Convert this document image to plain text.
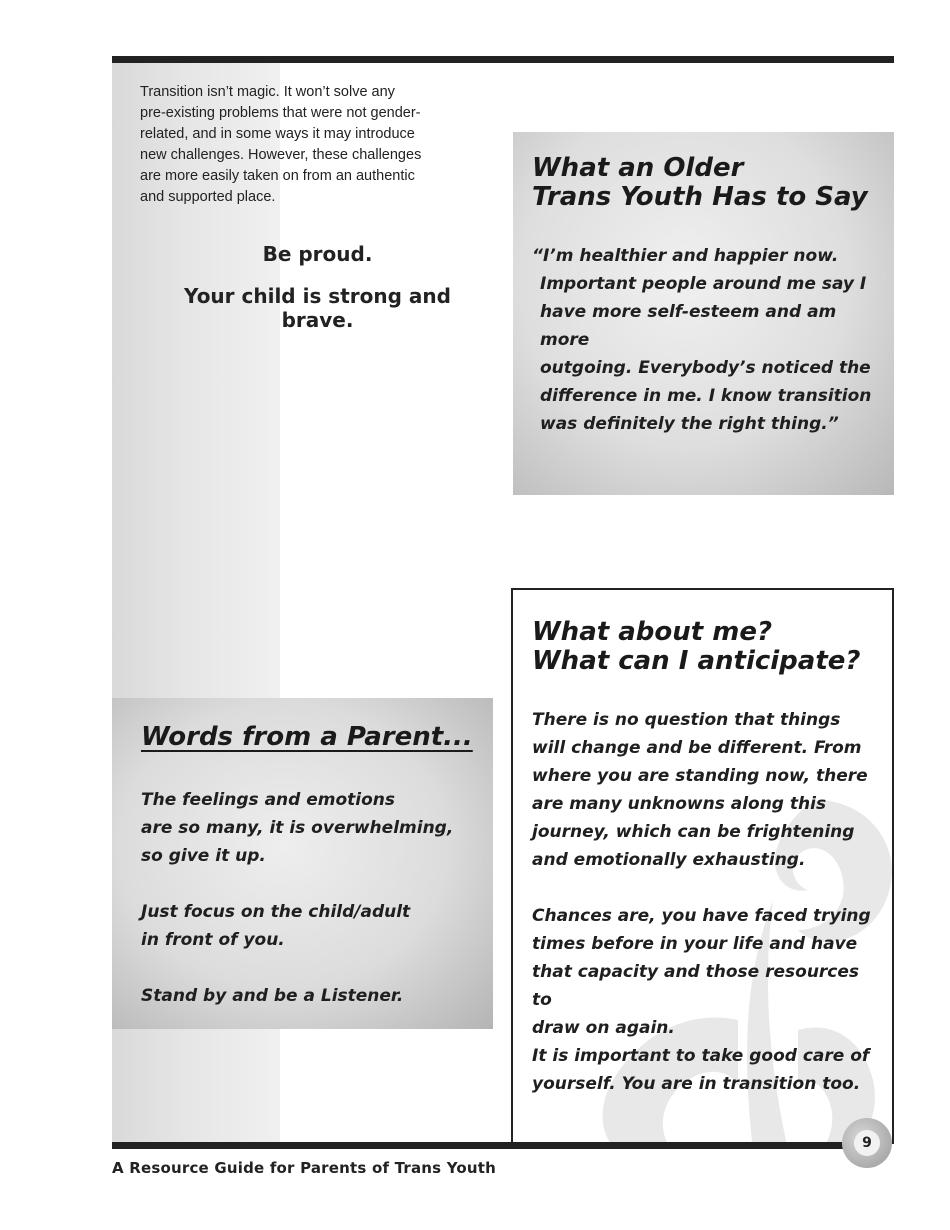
Transition isn’t magic. It won’t solve any
pre-existing problems that were not gender-
related, and in some ways it may introduce
new challenges. However, these challenges
are more easily taken on from an authentic
and supported place.

Be proud.

Your child is strong and brave.

What an Older
Trans Youth Has to Say

“I’m healthier and happier now.
Important people around me say I
have more self-esteem and am more
outgoing. Everybody’s noticed the
difference in me. I know transition
was definitely the right thing.”

Words from a Parent...

The feelings and emotions
are so many, it is overwhelming,
so give it up.

Just focus on the child/adult
in front of you.

Stand by and be a Listener.

What about me?
What can I anticipate?

There is no question that things
will change and be different. From
where you are standing now, there
are many unknowns along this
journey, which can be frightening
and emotionally exhausting.

Chances are, you have faced trying
times before in your life and have
that capacity and those resources to
draw on again.

It is important to take good care of
yourself. You are in transition too.

A Resource Guide for Parents of Trans Youth

9
